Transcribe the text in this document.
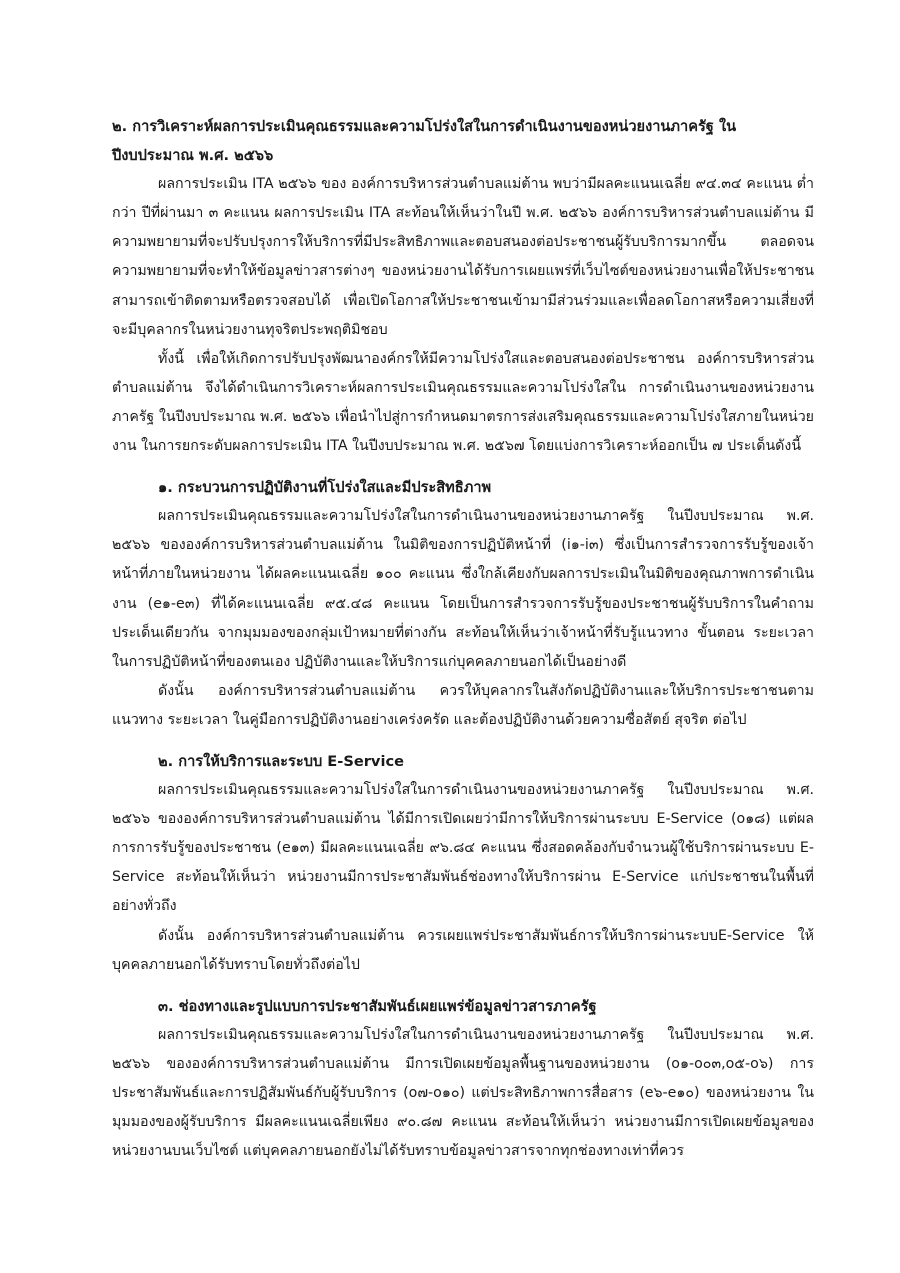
๒. การวิเคราะห์ผลการประเมินคุณธรรมและความโปร่งใสในการดำเนินงานของหน่วยงานภาครัฐ ใน
ปีงบประมาณ พ.ศ. ๒๕๖๖

ผลการประเมิน ITA ๒๕๖๖ ของ องค์การบริหารส่วนตำบลแม่ต้าน พบว่ามีผลคะแนนเฉลี่ย ๙๔.๓๔ คะแนน ต่ำกว่า ปีที่ผ่านมา ๓ คะแนน ผลการประเมิน ITA สะท้อนให้เห็นว่าในปี พ.ศ. ๒๕๖๖ องค์การบริหารส่วนตำบลแม่ต้าน มีความพยายามที่จะปรับปรุงการให้บริการที่มีประสิทธิภาพและตอบสนองต่อประชาชนผู้รับบริการมากขึ้น ตลอดจนความพยายามที่จะทำให้ข้อมูลข่าวสารต่างๆ ของหน่วยงานได้รับการเผยแพร่ที่เว็บไซต์ของหน่วยงานเพื่อให้ประชาชนสามารถเข้าติดตามหรือตรวจสอบได้ เพื่อเปิดโอกาสให้ประชาชนเข้ามามีส่วนร่วมและเพื่อลดโอกาสหรือความเสี่ยงที่จะมีบุคลากรในหน่วยงานทุจริตประพฤติมิชอบ

ทั้งนี้ เพื่อให้เกิดการปรับปรุงพัฒนาองค์กรให้มีความโปร่งใสและตอบสนองต่อประชาชน องค์การบริหารส่วนตำบลแม่ต้าน จึงได้ดำเนินการวิเคราะห์ผลการประเมินคุณธรรมและความโปร่งใสใน การดำเนินงานของหน่วยงานภาครัฐ ในปีงบประมาณ พ.ศ. ๒๕๖๖ เพื่อนำไปสู่การกำหนดมาตรการส่งเสริมคุณธรรมและความโปร่งใสภายในหน่วยงาน ในการยกระดับผลการประเมิน ITA ในปีงบประมาณ พ.ศ. ๒๕๖๗ โดยแบ่งการวิเคราะห์ออกเป็น ๗ ประเด็นดังนี้

๑. กระบวนการปฏิบัติงานที่โปร่งใสและมีประสิทธิภาพ

ผลการประเมินคุณธรรมและความโปร่งใสในการดำเนินงานของหน่วยงานภาครัฐ ในปีงบประมาณ พ.ศ. ๒๕๖๖ ขององค์การบริหารส่วนตำบลแม่ต้าน ในมิติของการปฏิบัติหน้าที่ (i๑-i๓) ซึ่งเป็นการสำรวจการรับรู้ของเจ้าหน้าที่ภายในหน่วยงาน ได้ผลคะแนนเฉลี่ย ๑๐๐ คะแนน ซึ่งใกล้เคียงกับผลการประเมินในมิติของคุณภาพการดำเนินงาน (e๑-e๓) ที่ได้คะแนนเฉลี่ย ๙๕.๔๘ คะแนน โดยเป็นการสำรวจการรับรู้ของประชาชนผู้รับบริการในคำถามประเด็นเดียวกัน จากมุมมองของกลุ่มเป้าหมายที่ต่างกัน สะท้อนให้เห็นว่าเจ้าหน้าที่รับรู้แนวทาง ขั้นตอน ระยะเวลา ในการปฏิบัติหน้าที่ของตนเอง ปฏิบัติงานและให้บริการแก่บุคคลภายนอกได้เป็นอย่างดี

ดังนั้น องค์การบริหารส่วนตำบลแม่ต้าน ควรให้บุคลากรในสังกัดปฏิบัติงานและให้บริการประชาชนตามแนวทาง ระยะเวลา ในคู่มือการปฏิบัติงานอย่างเคร่งครัด และต้องปฏิบัติงานด้วยความซื่อสัตย์ สุจริต ต่อไป

๒. การให้บริการและระบบ E-Service

ผลการประเมินคุณธรรมและความโปร่งใสในการดำเนินงานของหน่วยงานภาครัฐ ในปีงบประมาณ พ.ศ. ๒๕๖๖ ขององค์การบริหารส่วนตำบลแม่ต้าน ได้มีการเปิดเผยว่ามีการให้บริการผ่านระบบ E-Service (o๑๘) แต่ผลการการรับรู้ของประชาชน (e๑๓) มีผลคะแนนเฉลี่ย ๙๖.๘๔ คะแนน ซึ่งสอดคล้องกับจำนวนผู้ใช้บริการผ่านระบบ E-Service สะท้อนให้เห็นว่า หน่วยงานมีการประชาสัมพันธ์ช่องทางให้บริการผ่าน E-Service แก่ประชาชนในพื้นที่อย่างทั่วถึง

ดังนั้น องค์การบริหารส่วนตำบลแม่ต้าน ควรเผยแพร่ประชาสัมพันธ์การให้บริการผ่านระบบE-Service ให้บุคคลภายนอกได้รับทราบโดยทั่วถึงต่อไป

๓. ช่องทางและรูปแบบการประชาสัมพันธ์เผยแพร่ข้อมูลข่าวสารภาครัฐ

ผลการประเมินคุณธรรมและความโปร่งใสในการดำเนินงานของหน่วยงานภาครัฐ ในปีงบประมาณ พ.ศ. ๒๕๖๖ ขององค์การบริหารส่วนตำบลแม่ต้าน มีการเปิดเผยข้อมูลพื้นฐานของหน่วยงาน (o๑-o๐๓,o๕-o๖) การประชาสัมพันธ์และการปฏิสัมพันธ์กับผู้รับบริการ (o๗-o๑๐) แต่ประสิทธิภาพการสื่อสาร (e๖-e๑๐) ของหน่วยงาน ในมุมมองของผู้รับบริการ มีผลคะแนนเฉลี่ยเพียง ๙๐.๘๗ คะแนน สะท้อนให้เห็นว่า หน่วยงานมีการเปิดเผยข้อมูลของหน่วยงานบนเว็บไซต์ แต่บุคคลภายนอกยังไม่ได้รับทราบข้อมูลข่าวสารจากทุกช่องทางเท่าที่ควร
